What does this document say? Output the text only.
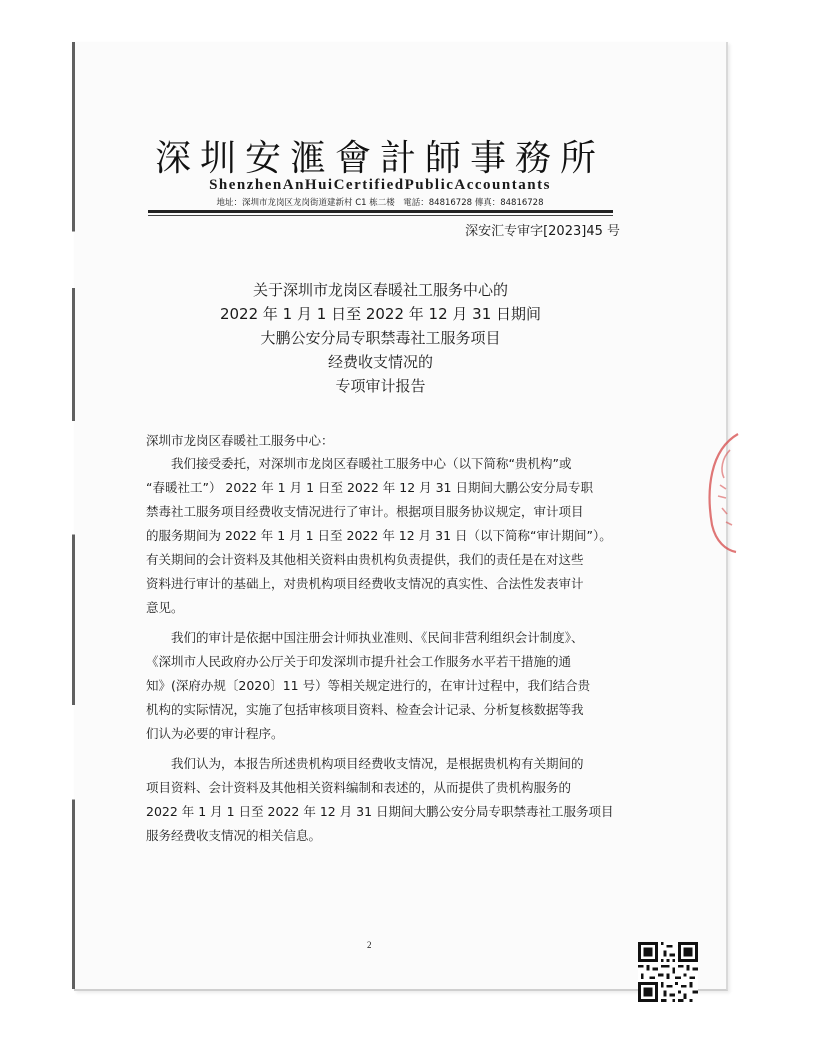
深圳安滙會計師事務所
ShenzhenAnHuiCertifiedPublicAccountants
地址：深圳市龙岗区龙岗街道建新村 C1 栋二楼　電話：84816728 傳真：84816728
深安汇专审字[2023]45 号
关于深圳市龙岗区春暖社工服务中心的
2022 年 1 月 1 日至 2022 年 12 月 31 日期间
大鹏公安分局专职禁毒社工服务项目
经费收支情况的
专项审计报告
深圳市龙岗区春暖社工服务中心：
　　我们接受委托，对深圳市龙岗区春暖社工服务中心（以下简称“贵机构”或
“春暖社工”） 2022 年 1 月 1 日至 2022 年 12 月 31 日期间大鹏公安分局专职
禁毒社工服务项目经费收支情况进行了审计。根据项目服务协议规定，审计项目
的服务期间为 2022 年 1 月 1 日至 2022 年 12 月 31 日（以下简称“审计期间”）。
有关期间的会计资料及其他相关资料由贵机构负责提供，我们的责任是在对这些
资料进行审计的基础上，对贵机构项目经费收支情况的真实性、合法性发表审计
意见。
　　我们的审计是依据中国注册会计师执业准则、《民间非营利组织会计制度》、
《深圳市人民政府办公厅关于印发深圳市提升社会工作服务水平若干措施的通
知》(深府办规〔2020〕11 号）等相关规定进行的，在审计过程中，我们结合贵
机构的实际情况，实施了包括审核项目资料、检查会计记录、分析复核数据等我
们认为必要的审计程序。
　　我们认为，本报告所述贵机构项目经费收支情况，是根据贵机构有关期间的
项目资料、会计资料及其他相关资料编制和表述的，从而提供了贵机构服务的
2022 年 1 月 1 日至 2022 年 12 月 31 日期间大鹏公安分局专职禁毒社工服务项目
服务经费收支情况的相关信息。
2
